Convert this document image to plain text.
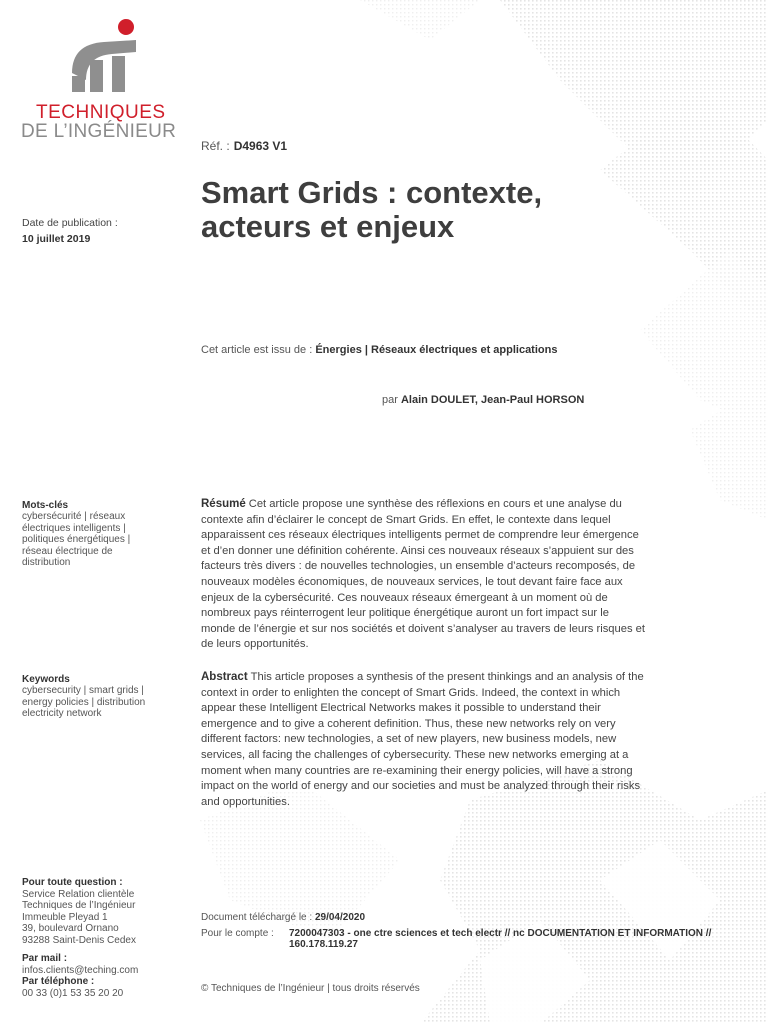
TECHNIQUES
DE L’INGÉNIEUR
Réf. : D4963 V1
Date de publication :
10 juillet 2019
Smart Grids : contexte,
acteurs et enjeux
Cet article est issu de : Énergies | Réseaux électriques et applications
par Alain DOULET, Jean-Paul HORSON
Mots-clés
cybersécurité | réseaux
électriques intelligents |
politiques énergétiques |
réseau électrique de
distribution
Keywords
cybersecurity | smart grids |
energy policies | distribution
electricity network
Résumé Cet article propose une synthèse des réflexions en cours et une analyse du
contexte afin d’éclairer le concept de Smart Grids. En effet, le contexte dans lequel
apparaissent ces réseaux électriques intelligents permet de comprendre leur émergence
et d’en donner une définition cohérente. Ainsi ces nouveaux réseaux s’appuient sur des
facteurs très divers : de nouvelles technologies, un ensemble d’acteurs recomposés, de
nouveaux modèles économiques, de nouveaux services, le tout devant faire face aux
enjeux de la cybersécurité. Ces nouveaux réseaux émergeant à un moment où de
nombreux pays réinterrogent leur politique énergétique auront un fort impact sur le
monde de l’énergie et sur nos sociétés et doivent s’analyser au travers de leurs risques et
de leurs opportunités.
Abstract This article proposes a synthesis of the present thinkings and an analysis of the
context in order to enlighten the concept of Smart Grids. Indeed, the context in which
appear these Intelligent Electrical Networks makes it possible to understand their
emergence and to give a coherent definition. Thus, these new networks rely on very
different factors: new technologies, a set of new players, new business models, new
services, all facing the challenges of cybersecurity. These new networks emerging at a
moment when many countries are re-examining their energy policies, will have a strong
impact on the world of energy and our societies and must be analyzed through their risks
and opportunities.
Pour toute question :
Service Relation clientèle
Techniques de l’Ingénieur
Immeuble Pleyad 1
39, boulevard Ornano
93288 Saint-Denis Cedex
Par mail :
infos.clients@teching.com
Par téléphone :
00 33 (0)1 53 35 20 20
Document téléchargé le : 29/04/2020
Pour le compte : 7200047303 - one ctre sciences et tech electr // nc DOCUMENTATION ET INFORMATION // 160.178.119.27
© Techniques de l’Ingénieur | tous droits réservés
